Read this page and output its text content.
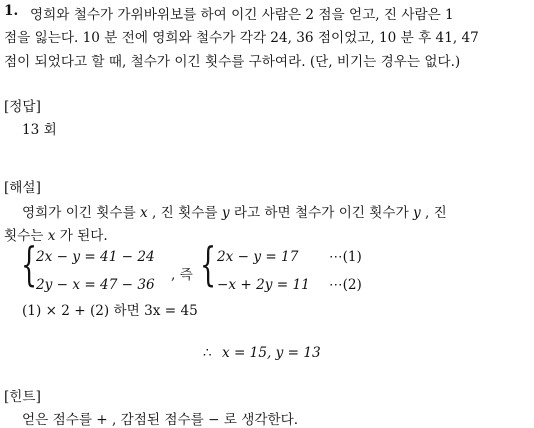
1. 영희와 철수가 가위바위보를 하여 이긴 사람은 2 점을 얻고, 진 사람은 1
점을 잃는다. 10 분 전에 영희와 철수가 각각 24, 36 점이었고, 10 분 후 41, 47
점이 되었다고 할 때, 철수가 이긴 횟수를 구하여라. (단, 비기는 경우는 없다.)
[정답]
13 회
[해설]
영희가 이긴 횟수를 x , 진 횟수를 y 라고 하면 철수가 이긴 횟수가 y , 진
횟수는 x 가 된다.
{
2x − y = 41 − 24
2y − x = 47 − 36
, 즉 { 2x − y = 17 ⋯(1)
−x + 2y = 11 ⋯(2)
(1) × 2 + (2) 하면 3x = 45
∴ x = 15, y = 13
[힌트]
얻은 점수를 + , 감점된 점수를 − 로 생각한다.
